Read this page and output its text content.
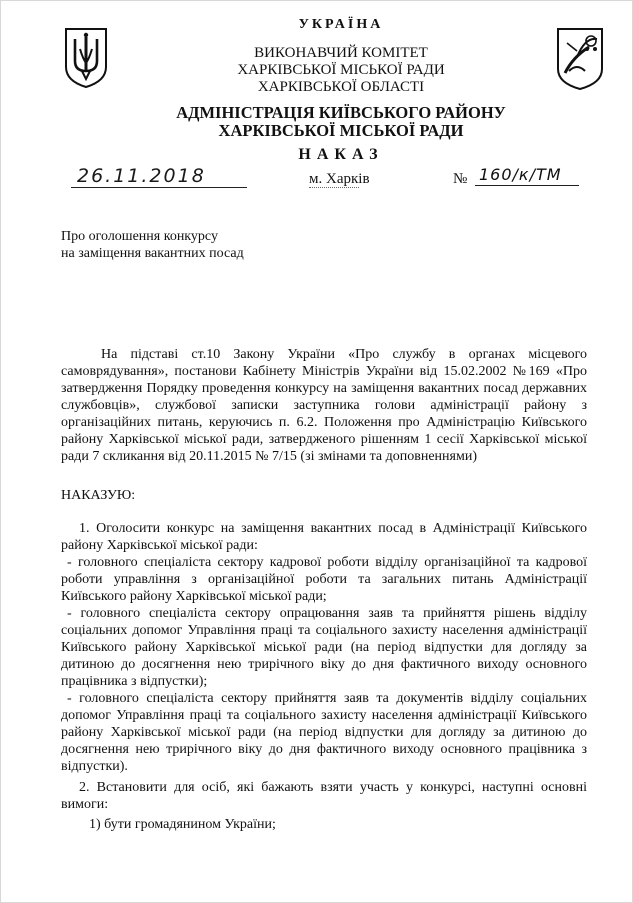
УКРАЇНА
ВИКОНАВЧИЙ КОМІТЕТ
ХАРКІВСЬКОЇ МІСЬКОЇ РАДИ
ХАРКІВСЬКОЇ ОБЛАСТІ
АДМІНІСТРАЦІЯ КИЇВСЬКОГО РАЙОНУ
ХАРКІВСЬКОЇ МІСЬКОЇ РАДИ
НАКАЗ
26.11.2018	м. Харків	№ 160/к/ТМ
Про оголошення конкурсу
на заміщення вакантних посад

На підставі ст.10 Закону України «Про службу в органах місцевого самоврядування», постанови Кабінету Міністрів України від 15.02.2002 №169 «Про затвердження Порядку проведення конкурсу на заміщення вакантних посад державних службовців», службової записки заступника голови адміністрації району з організаційних питань, керуючись п. 6.2. Положення про Адміністрацію Київського району Харківської міської ради, затвердженого рішенням 1 сесії Харківської міської ради 7 скликання від 20.11.2015 № 7/15 (зі змінами та доповненнями)

НАКАЗУЮ:

1. Оголосити конкурс на заміщення вакантних посад в Адміністрації Київського району Харківської міської ради:

- головного спеціаліста сектору кадрової роботи відділу організаційної та кадрової роботи управління з організаційної роботи та загальних питань Адміністрації Київського району Харківської міської ради;

- головного спеціаліста сектору опрацювання заяв та прийняття рішень відділу соціальних допомог Управління праці та соціального захисту населення адміністрації Київського району Харківської міської ради (на період відпустки для догляду за дитиною до досягнення нею трирічного віку до дня фактичного виходу основного працівника з відпустки);

- головного спеціаліста сектору прийняття заяв та документів відділу соціальних допомог Управління праці та соціального захисту населення адміністрації Київського району Харківської міської ради (на період відпустки для догляду за дитиною до досягнення нею трирічного віку до дня фактичного виходу основного працівника з відпустки).

2. Встановити для осіб, які бажають взяти участь у конкурсі, наступні основні вимоги:

1) бути громадянином України;
